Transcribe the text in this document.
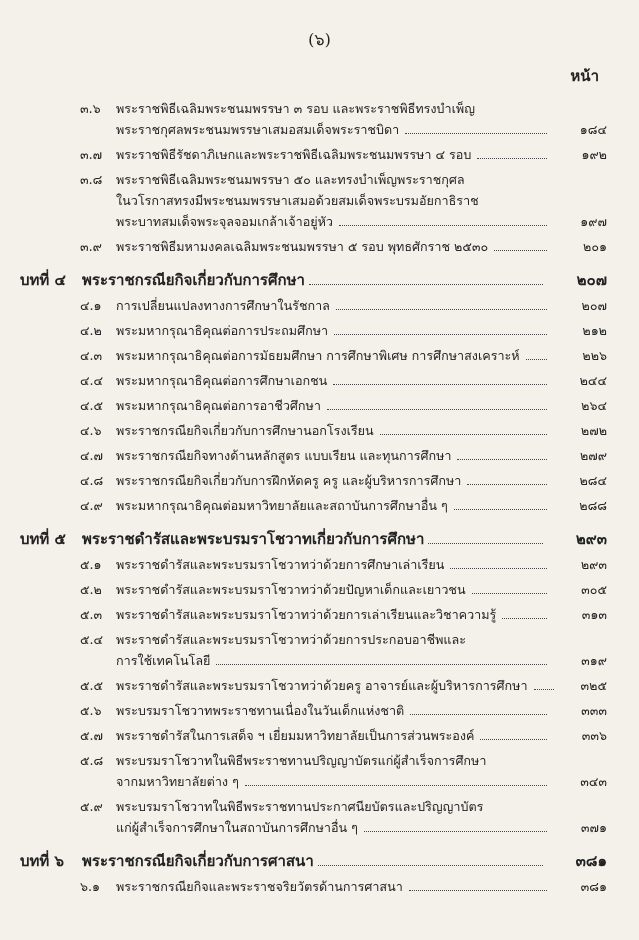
(๖)
หน้า
๓.๖ พระราชพิธีเฉลิมพระชนมพรรษา ๓ รอบ และพระราชพิธีทรงบำเพ็ญ
พระราชกุศลพระชนมพรรษาเสมอสมเด็จพระราชบิดา	๑๘๔
๓.๗ พระราชพิธีรัชดาภิเษกและพระราชพิธีเฉลิมพระชนมพรรษา ๔ รอบ	๑๙๒
๓.๘ พระราชพิธีเฉลิมพระชนมพรรษา ๕๐ และทรงบำเพ็ญพระราชกุศล
ในวโรกาสทรงมีพระชนมพรรษาเสมอด้วยสมเด็จพระบรมอัยกาธิราช
พระบาทสมเด็จพระจุลจอมเกล้าเจ้าอยู่หัว	๑๙๗
๓.๙ พระราชพิธีมหามงคลเฉลิมพระชนมพรรษา ๕ รอบ พุทธศักราช ๒๕๓๐	๒๐๑
บทที่ ๔ พระราชกรณียกิจเกี่ยวกับการศึกษา	๒๐๗
๔.๑ การเปลี่ยนแปลงทางการศึกษาในรัชกาล	๒๐๗
๔.๒ พระมหากรุณาธิคุณต่อการประถมศึกษา	๒๑๒
๔.๓ พระมหากรุณาธิคุณต่อการมัธยมศึกษา การศึกษาพิเศษ การศึกษาสงเคราะห์	๒๒๖
๔.๔ พระมหากรุณาธิคุณต่อการศึกษาเอกชน	๒๔๔
๔.๕ พระมหากรุณาธิคุณต่อการอาชีวศึกษา	๒๖๔
๔.๖ พระราชกรณียกิจเกี่ยวกับการศึกษานอกโรงเรียน	๒๗๒
๔.๗ พระราชกรณียกิจทางด้านหลักสูตร แบบเรียน และทุนการศึกษา	๒๗๙
๔.๘ พระราชกรณียกิจเกี่ยวกับการฝึกหัดครู ครู และผู้บริหารการศึกษา	๒๘๔
๔.๙ พระมหากรุณาธิคุณต่อมหาวิทยาลัยและสถาบันการศึกษาอื่น ๆ	๒๘๘
บทที่ ๕ พระราชดำรัสและพระบรมราโชวาทเกี่ยวกับการศึกษา	๒๙๓
๕.๑ พระราชดำรัสและพระบรมราโชวาทว่าด้วยการศึกษาเล่าเรียน	๒๙๓
๕.๒ พระราชดำรัสและพระบรมราโชวาทว่าด้วยปัญหาเด็กและเยาวชน	๓๐๕
๕.๓ พระราชดำรัสและพระบรมราโชวาทว่าด้วยการเล่าเรียนและวิชาความรู้	๓๑๓
๕.๔ พระราชดำรัสและพระบรมราโชวาทว่าด้วยการประกอบอาชีพและ
การใช้เทคโนโลยี	๓๑๙
๕.๕ พระราชดำรัสและพระบรมราโชวาทว่าด้วยครู อาจารย์และผู้บริหารการศึกษา	๓๒๕
๕.๖ พระบรมราโชวาทพระราชทานเนื่องในวันเด็กแห่งชาติ	๓๓๓
๕.๗ พระราชดำรัสในการเสด็จ ฯ เยี่ยมมหาวิทยาลัยเป็นการส่วนพระองค์	๓๓๖
๕.๘ พระบรมราโชวาทในพิธีพระราชทานปริญญาบัตรแก่ผู้สำเร็จการศึกษา
จากมหาวิทยาลัยต่าง ๆ	๓๔๓
๕.๙ พระบรมราโชวาทในพิธีพระราชทานประกาศนียบัตรและปริญญาบัตร
แก่ผู้สำเร็จการศึกษาในสถาบันการศึกษาอื่น ๆ	๓๗๑
บทที่ ๖ พระราชกรณียกิจเกี่ยวกับการศาสนา	๓๘๑
๖.๑ พระราชกรณียกิจและพระราชจริยวัตรด้านการศาสนา	๓๘๑
